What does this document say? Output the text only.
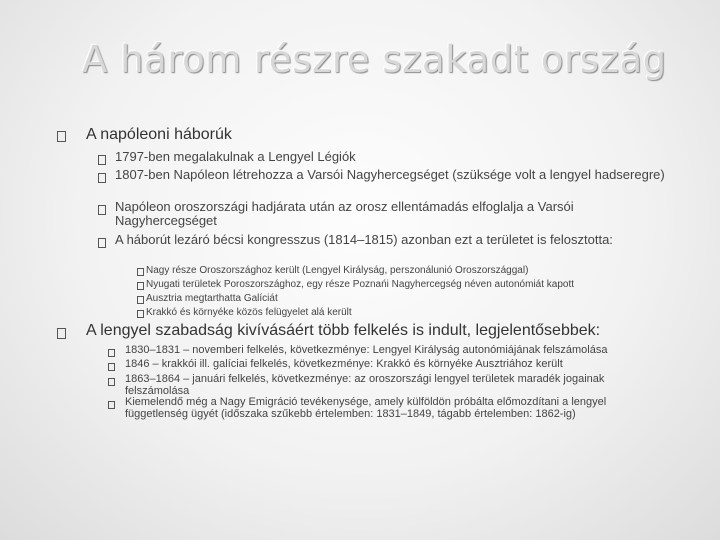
A három részre szakadt ország
A napóleoni háborúk
1797-ben megalakulnak a Lengyel Légiók
1807-ben Napóleon létrehozza a Varsói Nagyhercegséget (szüksége volt a lengyel hadseregre)
Napóleon oroszországi hadjárata után az orosz ellentámadás elfoglalja a Varsói Nagyhercegséget
A háborút lezáró bécsi kongresszus (1814–1815) azonban ezt a területet is felosztotta:
Nagy része Oroszországhoz került (Lengyel Királyság, perszonálunió Oroszországgal)
Nyugati területek Poroszországhoz, egy része Poznańi Nagyhercegség néven autonómiát kapott
Ausztria megtarthatta Galíciát
Krakkó és környéke közös felügyelet alá került
A lengyel szabadság kivívásáért több felkelés is indult, legjelentősebbek:
1830–1831 – novemberi felkelés, következménye: Lengyel Királyság autonómiájának felszámolása
1846 – krakkói ill. galíciai felkelés, következménye: Krakkó és környéke Ausztriához került
1863–1864 – januári felkelés, következménye: az oroszországi lengyel területek maradék jogainak felszámolása
Kiemelendő még a Nagy Emigráció tevékenysége, amely külföldön próbálta előmozdítani a lengyel függetlenség ügyét (időszaka szűkebb értelemben: 1831–1849, tágabb értelemben: 1862-ig)
